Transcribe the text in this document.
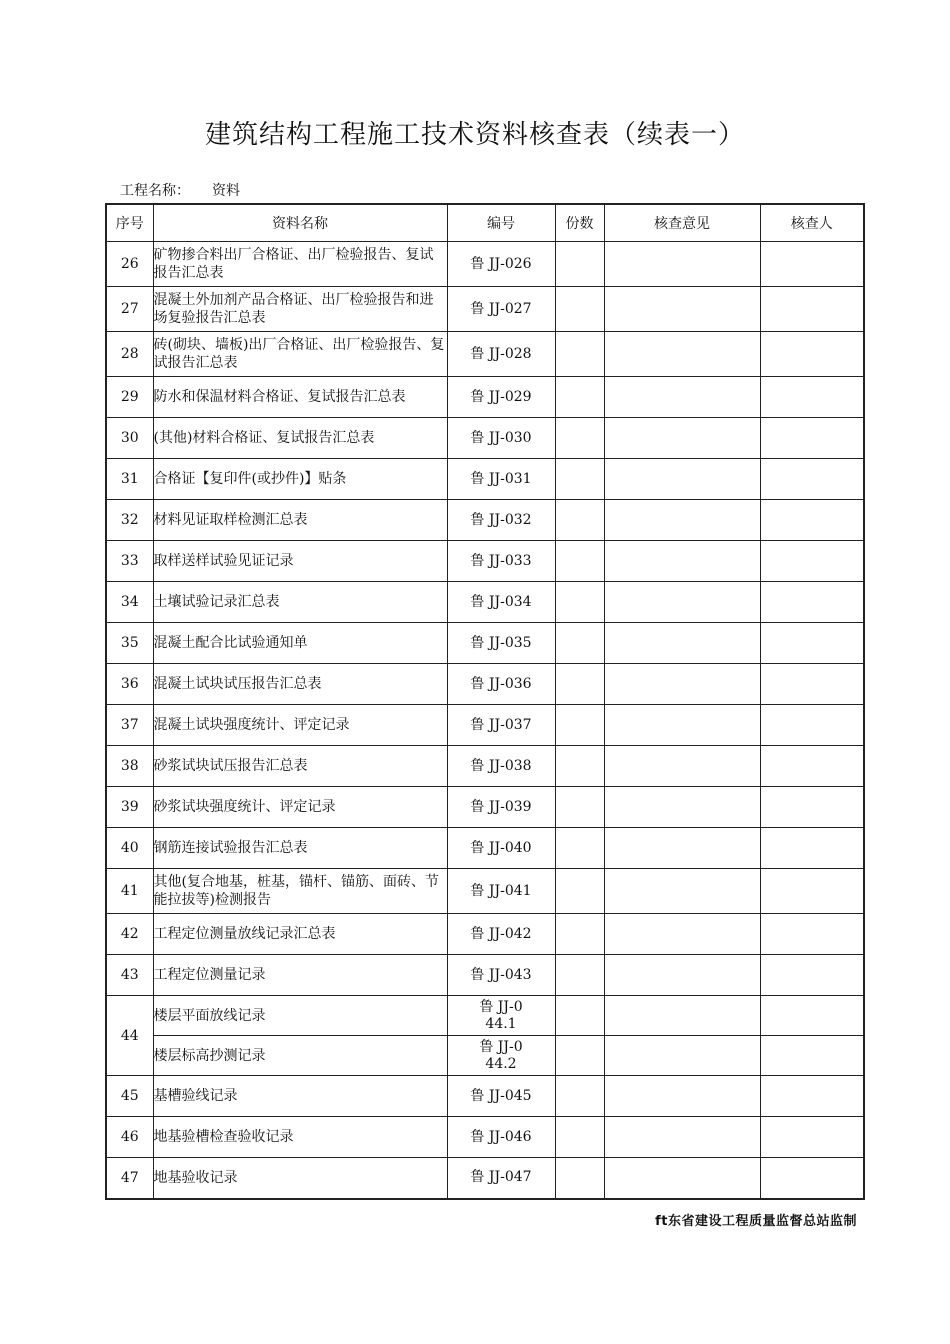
建筑结构工程施工技术资料核查表（续表一）
工程名称： 资料
序号	资料名称	编号	份数	核查意见	核查人
26	矿物掺合料出厂合格证、出厂检验报告、复试报告汇总表	鲁 JJ-026			
27	混凝土外加剂产品合格证、出厂检验报告和进场复验报告汇总表	鲁 JJ-027			
28	砖(砌块、墙板)出厂合格证、出厂检验报告、复试报告汇总表	鲁 JJ-028			
29	防水和保温材料合格证、复试报告汇总表	鲁 JJ-029			
30	(其他)材料合格证、复试报告汇总表	鲁 JJ-030			
31	合格证【复印件(或抄件)】贴条	鲁 JJ-031			
32	材料见证取样检测汇总表	鲁 JJ-032			
33	取样送样试验见证记录	鲁 JJ-033			
34	土壤试验记录汇总表	鲁 JJ-034			
35	混凝土配合比试验通知单	鲁 JJ-035			
36	混凝土试块试压报告汇总表	鲁 JJ-036			
37	混凝土试块强度统计、评定记录	鲁 JJ-037			
38	砂浆试块试压报告汇总表	鲁 JJ-038			
39	砂浆试块强度统计、评定记录	鲁 JJ-039			
40	钢筋连接试验报告汇总表	鲁 JJ-040			
41	其他(复合地基，桩基，锚杆、锚筋、面砖、节能拉拔等)检测报告	鲁 JJ-041			
42	工程定位测量放线记录汇总表	鲁 JJ-042			
43	工程定位测量记录	鲁 JJ-043			
44	楼层平面放线记录	鲁 JJ-044.1			
	楼层标高抄测记录	鲁 JJ-044.2			
45	基槽验线记录	鲁 JJ-045			
46	地基验槽检查验收记录	鲁 JJ-046			
47	地基验收记录	鲁 JJ-047			
ft东省建设工程质量监督总站监制
